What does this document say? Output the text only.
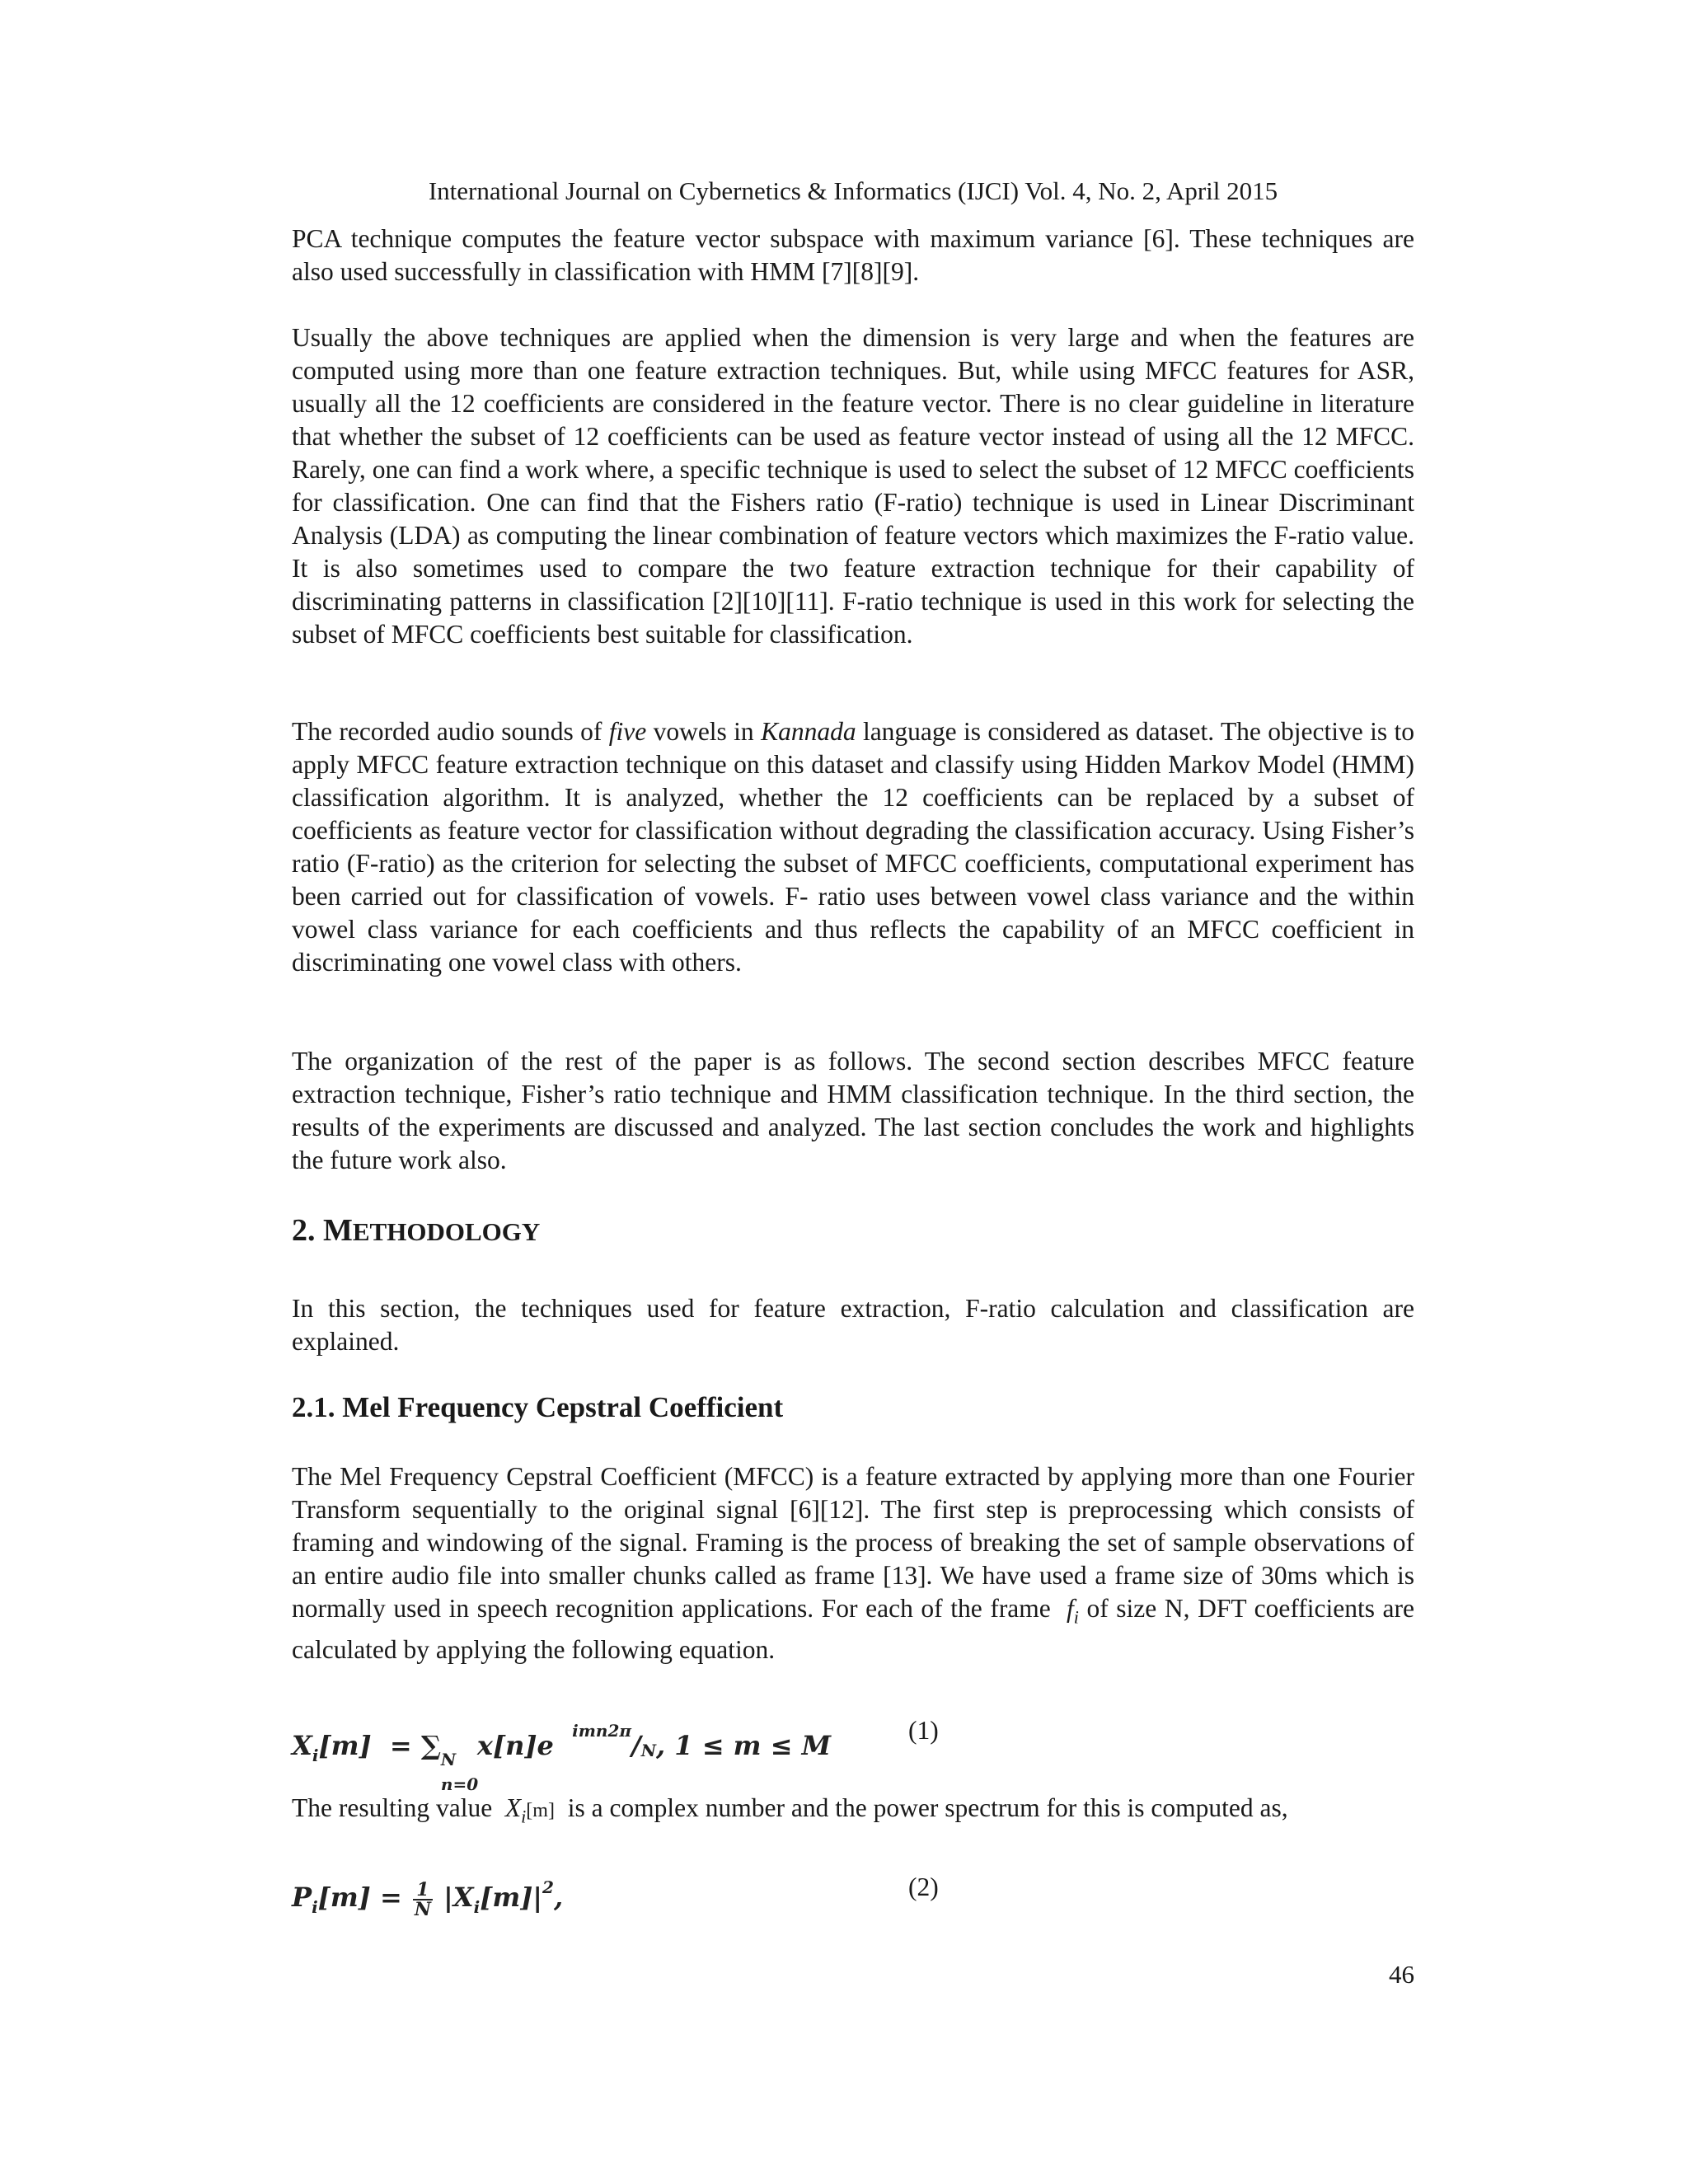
International Journal on Cybernetics & Informatics (IJCI) Vol. 4, No. 2, April 2015

PCA technique computes the feature vector subspace with maximum variance [6]. These techniques are also used successfully in classification with HMM [7][8][9].

Usually the above techniques are applied when the dimension is very large and when the features are computed using more than one feature extraction techniques. But, while using MFCC features for ASR, usually all the 12 coefficients are considered in the feature vector. There is no clear guideline in literature that whether the subset of 12 coefficients can be used as feature vector instead of using all the 12 MFCC. Rarely, one can find a work where, a specific technique is used to select the subset of 12 MFCC coefficients for classification. One can find that the Fishers ratio (F-ratio) technique is used in Linear Discriminant Analysis (LDA) as computing the linear combination of feature vectors which maximizes the F-ratio value. It is also sometimes used to compare the two feature extraction technique for their capability of discriminating patterns in classification [2][10][11]. F-ratio technique is used in this work for selecting the subset of MFCC coefficients best suitable for classification.

The recorded audio sounds of five vowels in Kannada language is considered as dataset. The objective is to apply MFCC feature extraction technique on this dataset and classify using Hidden Markov Model (HMM) classification algorithm. It is analyzed, whether the 12 coefficients can be replaced by a subset of coefficients as feature vector for classification without degrading the classification accuracy. Using Fisher’s ratio (F-ratio) as the criterion for selecting the subset of MFCC coefficients, computational experiment has been carried out for classification of vowels. F- ratio uses between vowel class variance and the within vowel class variance for each coefficients and thus reflects the capability of an MFCC coefficient in discriminating one vowel class with others.

The organization of the rest of the paper is as follows. The second section describes MFCC feature extraction technique, Fisher’s ratio technique and HMM classification technique. In the third section, the results of the experiments are discussed and analyzed. The last section concludes the work and highlights the future work also.

2. METHODOLOGY

In this section, the techniques used for feature extraction, F-ratio calculation and classification are explained.

2.1. Mel Frequency Cepstral Coefficient

The Mel Frequency Cepstral Coefficient (MFCC) is a feature extracted by applying more than one Fourier Transform sequentially to the original signal [6][12]. The first step is preprocessing which consists of framing and windowing of the signal. Framing is the process of breaking the set of sample observations of an entire audio file into smaller chunks called as frame [13]. We have used a frame size of 30ms which is normally used in speech recognition applications. For each of the frame  $f_i$ of size N, DFT coefficients are calculated by applying the following equation.

$X_i[m]$  = ∑ N
n=0
x[n]e  $^{imn2\pi}$/N, 1 ≤ m ≤ M	(1)

The resulting value  $X_i[m]$  is a complex number and the power spectrum for this is computed as,

$P_i[m] = \frac{1}{N} |X_i[m]|^2$,	(2)
46
